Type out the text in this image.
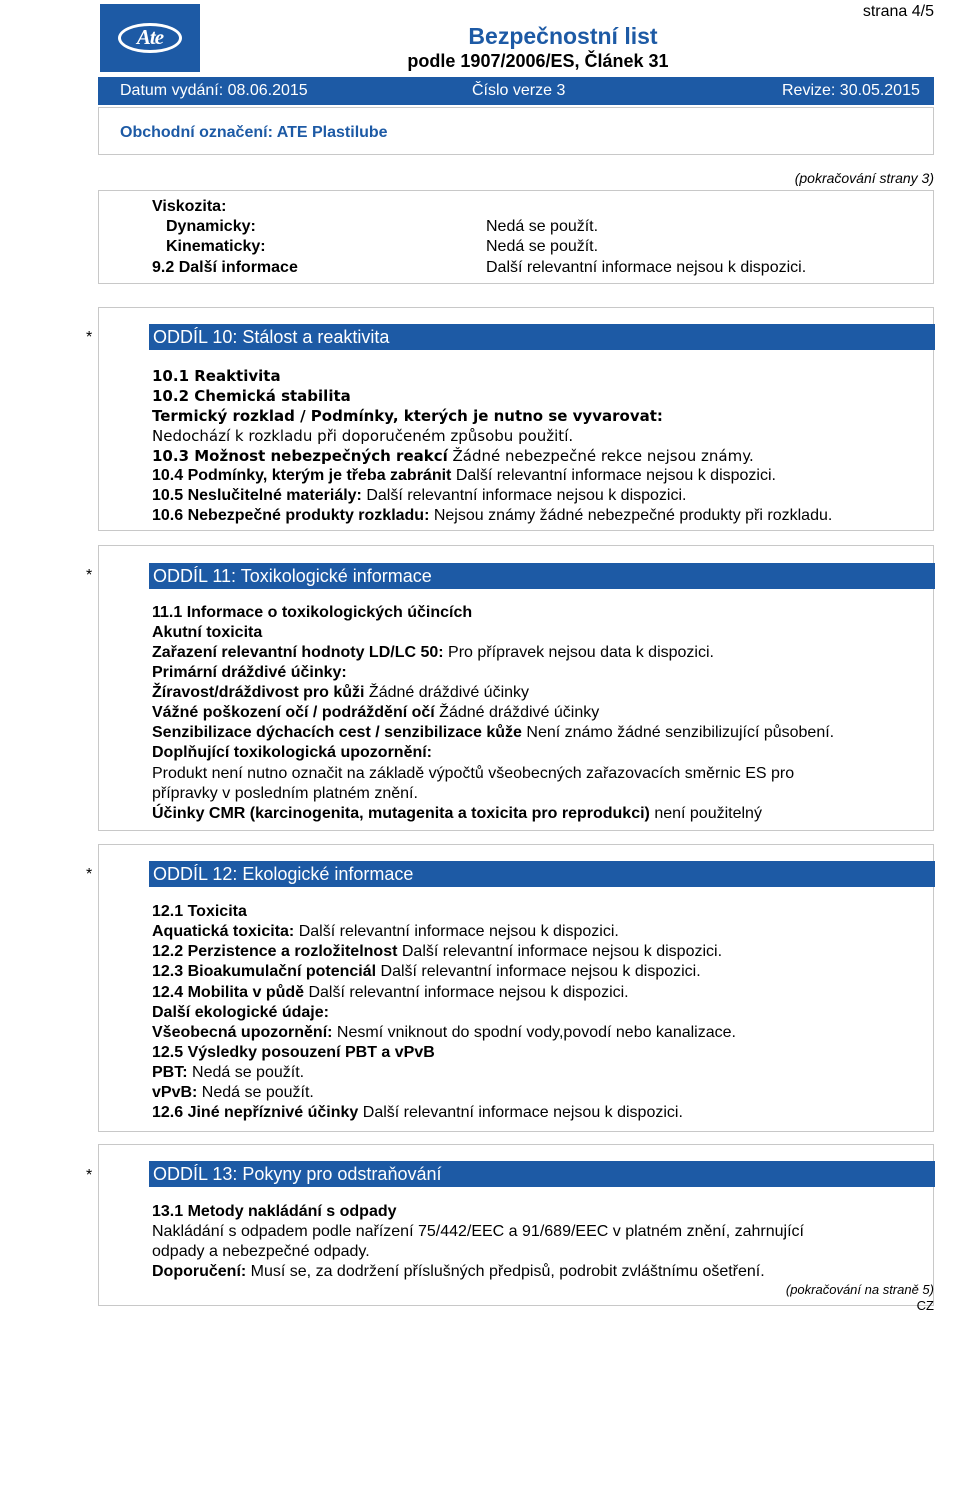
strana 4/5
Ate	Bezpečnostní list
podle 1907/2006/ES, Článek 31
Datum vydání: 08.06.2015	Číslo verze 3	Revize: 30.05.2015
Obchodní označení: ATE Plastilube
(pokračování strany 3)
Viskozita:
Dynamicky:	Nedá se použít.
Kinematicky:	Nedá se použít.
9.2 Další informace	Další relevantní informace nejsou k dispozici.
*	ODDÍL 10: Stálost a reaktivita
10.1 Reaktivita
10.2 Chemická stabilita
Termický rozklad / Podmínky, kterých je nutno se vyvarovat:
Nedochází k rozkladu při doporučeném způsobu použití.
10.3 Možnost nebezpečných reakcí Žádné nebezpečné rekce nejsou známy.
10.4 Podmínky, kterým je třeba zabránit Další relevantní informace nejsou k dispozici.
10.5 Neslučitelné materiály: Další relevantní informace nejsou k dispozici.
10.6 Nebezpečné produkty rozkladu: Nejsou známy žádné nebezpečné produkty při rozkladu.
*	ODDÍL 11: Toxikologické informace
11.1 Informace o toxikologických účincích
Akutní toxicita
Zařazení relevantní hodnoty LD/LC 50: Pro přípravek nejsou data k dispozici.
Primární dráždivé účinky:
Žíravost/dráždivost pro kůži Žádné dráždivé účinky
Vážné poškození očí / podráždění očí Žádné dráždivé účinky
Senzibilizace dýchacích cest / senzibilizace kůže Není známo žádné senzibilizující působení.
Doplňující toxikologická upozornění:
Produkt není nutno označit na základě výpočtů všeobecných zařazovacích směrnic ES pro
přípravky v posledním platném znění.
Účinky CMR (karcinogenita, mutagenita a toxicita pro reprodukci) není použitelný
*	ODDÍL 12: Ekologické informace
12.1 Toxicita
Aquatická toxicita: Další relevantní informace nejsou k dispozici.
12.2 Perzistence a rozložitelnost Další relevantní informace nejsou k dispozici.
12.3 Bioakumulační potenciál Další relevantní informace nejsou k dispozici.
12.4 Mobilita v půdě Další relevantní informace nejsou k dispozici.
Další ekologické údaje:
Všeobecná upozornění: Nesmí vniknout do spodní vody,povodí nebo kanalizace.
12.5 Výsledky posouzení PBT a vPvB
PBT: Nedá se použít.
vPvB: Nedá se použít.
12.6 Jiné nepříznivé účinky Další relevantní informace nejsou k dispozici.
*	ODDÍL 13: Pokyny pro odstraňování
13.1 Metody nakládání s odpady
Nakládání s odpadem podle nařízení 75/442/EEC a 91/689/EEC v platném znění, zahrnující
odpady a nebezpečné odpady.
Doporučení: Musí se, za dodržení příslušných předpisů, podrobit zvláštnímu ošetření.
(pokračování na straně 5)
CZ
